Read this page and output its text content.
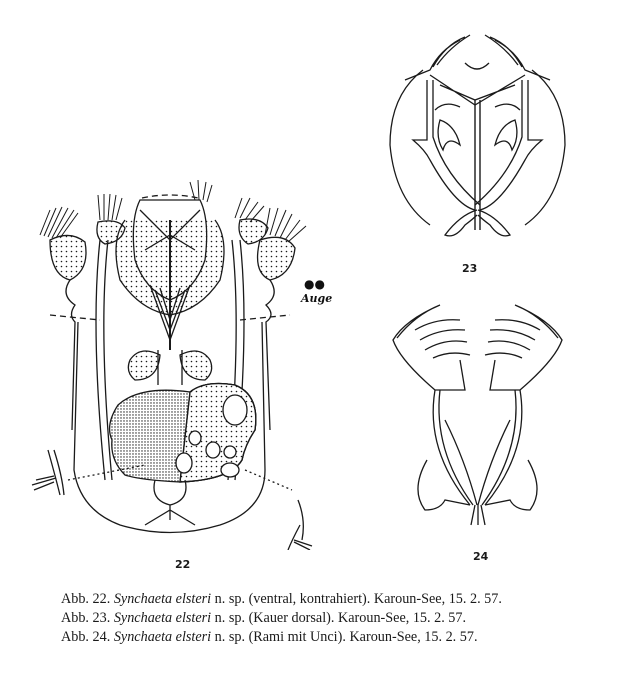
●●
Auge
22
23
24
Abb. 22. Synchaeta elsteri n. sp. (ventral, kontrahiert). Karoun-See, 15. 2. 57.
Abb. 23. Synchaeta elsteri n. sp. (Kauer dorsal). Karoun-See, 15. 2. 57.
Abb. 24. Synchaeta elsteri n. sp. (Rami mit Unci). Karoun-See, 15. 2. 57.
